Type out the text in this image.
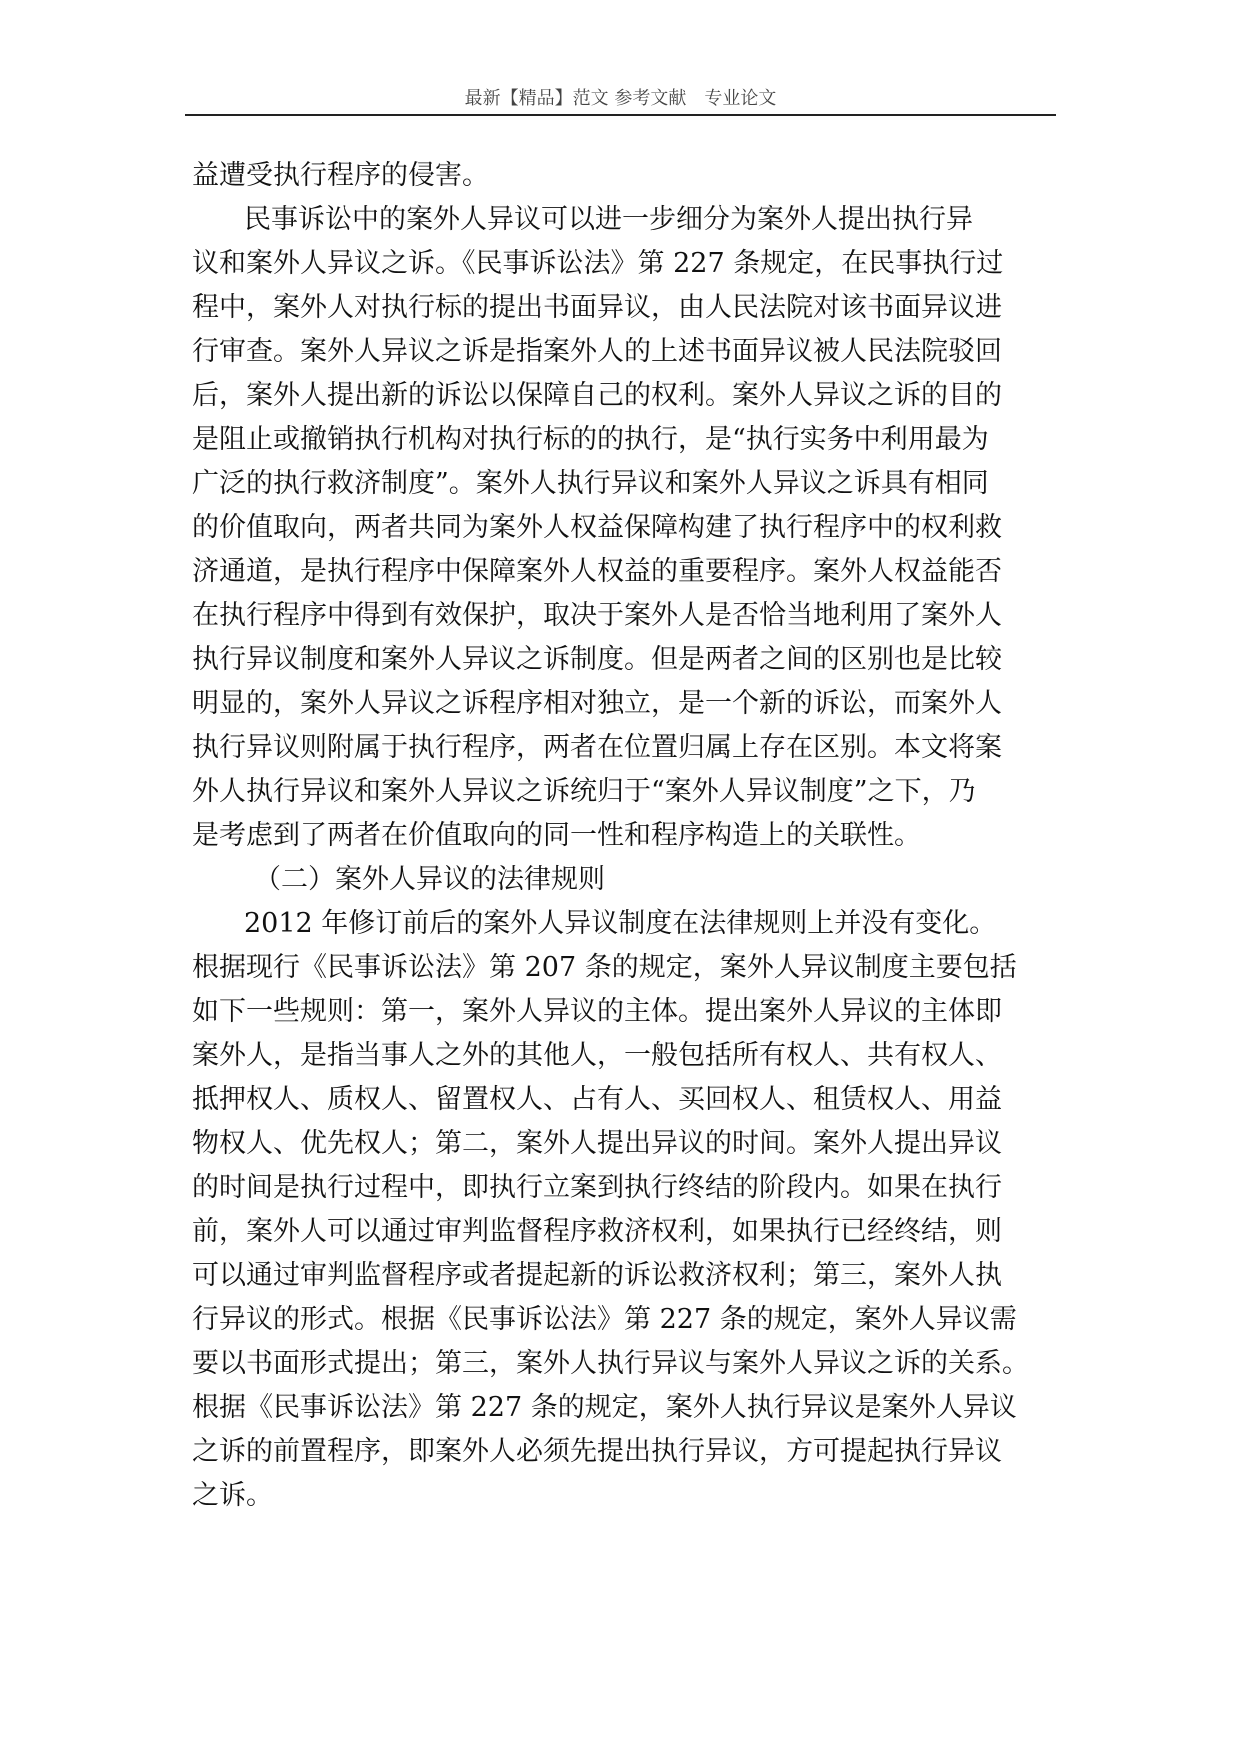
最新【精品】范文 参考文献　专业论文
益遭受执行程序的侵害。
民事诉讼中的案外人异议可以进一步细分为案外人提出执行异
议和案外人异议之诉。《民事诉讼法》第 227 条规定，在民事执行过
程中，案外人对执行标的提出书面异议，由人民法院对该书面异议进
行审查。案外人异议之诉是指案外人的上述书面异议被人民法院驳回
后，案外人提出新的诉讼以保障自己的权利。案外人异议之诉的目的
是阻止或撤销执行机构对执行标的的执行，是“执行实务中利用最为
广泛的执行救济制度”。案外人执行异议和案外人异议之诉具有相同
的价值取向，两者共同为案外人权益保障构建了执行程序中的权利救
济通道，是执行程序中保障案外人权益的重要程序。案外人权益能否
在执行程序中得到有效保护，取决于案外人是否恰当地利用了案外人
执行异议制度和案外人异议之诉制度。但是两者之间的区别也是比较
明显的，案外人异议之诉程序相对独立，是一个新的诉讼，而案外人
执行异议则附属于执行程序，两者在位置归属上存在区别。本文将案
外人执行异议和案外人异议之诉统归于“案外人异议制度”之下，乃
是考虑到了两者在价值取向的同一性和程序构造上的关联性。
（二）案外人异议的法律规则
2012 年修订前后的案外人异议制度在法律规则上并没有变化。
根据现行《民事诉讼法》第 207 条的规定，案外人异议制度主要包括
如下一些规则：第一，案外人异议的主体。提出案外人异议的主体即
案外人，是指当事人之外的其他人，一般包括所有权人、共有权人、
抵押权人、质权人、留置权人、占有人、买回权人、租赁权人、用益
物权人、优先权人；第二，案外人提出异议的时间。案外人提出异议
的时间是执行过程中，即执行立案到执行终结的阶段内。如果在执行
前，案外人可以通过审判监督程序救济权利，如果执行已经终结，则
可以通过审判监督程序或者提起新的诉讼救济权利；第三，案外人执
行异议的形式。根据《民事诉讼法》第 227 条的规定，案外人异议需
要以书面形式提出；第三，案外人执行异议与案外人异议之诉的关系。
根据《民事诉讼法》第 227 条的规定，案外人执行异议是案外人异议
之诉的前置程序，即案外人必须先提出执行异议，方可提起执行异议
之诉。
